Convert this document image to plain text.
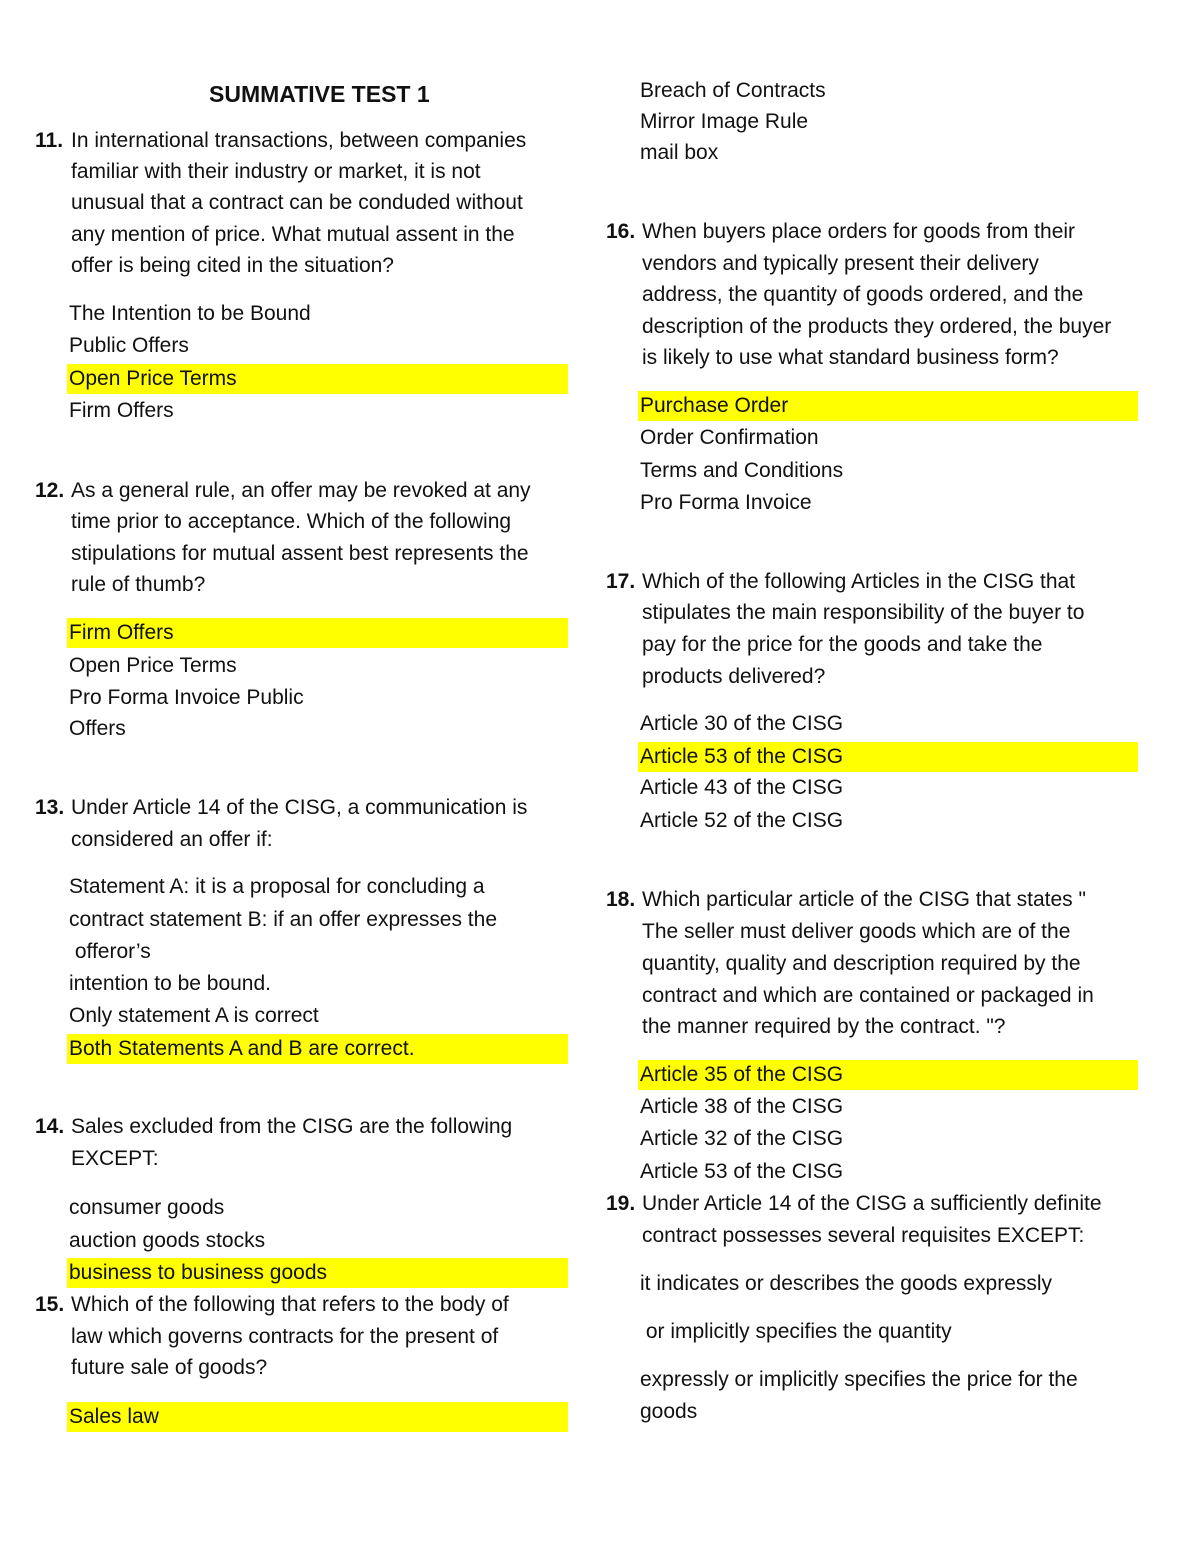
SUMMATIVE TEST 1
11. In international transactions, between companies
familiar with their industry or market, it is not
unusual that a contract can be conduded without
any mention of price. What mutual assent in the
offer is being cited in the situation?
The Intention to be Bound
Public Offers
Open Price Terms
Firm Offers
12. As a general rule, an offer may be revoked at any
time prior to acceptance. Which of the following
stipulations for mutual assent best represents the
rule of thumb?
Firm Offers
Open Price Terms
Pro Forma Invoice Public
Offers
13. Under Article 14 of the CISG, a communication is
considered an offer if:
Statement A: it is a proposal for concluding a
contract statement B: if an offer expresses the
offeror’s
intention to be bound.
Only statement A is correct
Both Statements A and B are correct.
14. Sales excluded from the CISG are the following
EXCEPT:
consumer goods
auction goods stocks
business to business goods
15. Which of the following that refers to the body of
law which governs contracts for the present of
future sale of goods?
Sales law
Breach of Contracts
Mirror Image Rule
mail box
16. When buyers place orders for goods from their
vendors and typically present their delivery
address, the quantity of goods ordered, and the
description of the products they ordered, the buyer
is likely to use what standard business form?
Purchase Order
Order Confirmation
Terms and Conditions
Pro Forma Invoice
17. Which of the following Articles in the CISG that
stipulates the main responsibility of the buyer to
pay for the price for the goods and take the
products delivered?
Article 30 of the CISG
Article 53 of the CISG
Article 43 of the CISG
Article 52 of the CISG
18. Which particular article of the CISG that states "
The seller must deliver goods which are of the
quantity, quality and description required by the
contract and which are contained or packaged in
the manner required by the contract. "?
Article 35 of the CISG
Article 38 of the CISG
Article 32 of the CISG
Article 53 of the CISG
19. Under Article 14 of the CISG a sufficiently definite
contract possesses several requisites EXCEPT:
it indicates or describes the goods expressly
or implicitly specifies the quantity
expressly or implicitly specifies the price for the
goods
